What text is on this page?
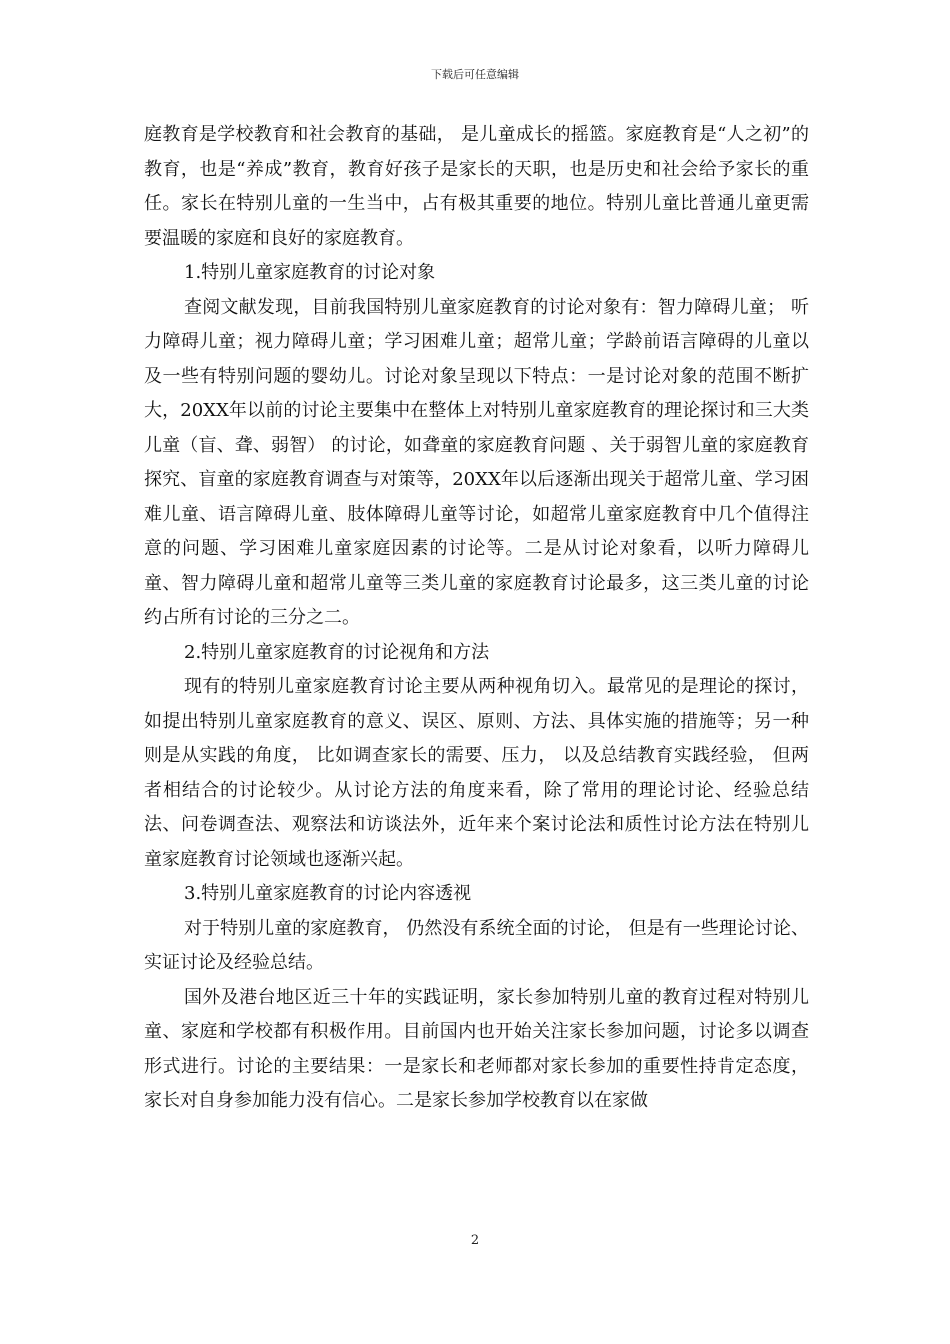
下载后可任意编辑

庭教育是学校教育和社会教育的基础， 是儿童成长的摇篮。家庭教育是“人之初”的教育，也是“养成”教育，教育好孩子是家长的天职，也是历史和社会给予家长的重任。家长在特别儿童的一生当中，占有极其重要的地位。特别儿童比普通儿童更需要温暖的家庭和良好的家庭教育。

1.特别儿童家庭教育的讨论对象

查阅文献发现，目前我国特别儿童家庭教育的讨论对象有：智力障碍儿童； 听力障碍儿童；视力障碍儿童；学习困难儿童；超常儿童；学龄前语言障碍的儿童以及一些有特别问题的婴幼儿。讨论对象呈现以下特点：一是讨论对象的范围不断扩大，20XX年以前的讨论主要集中在整体上对特别儿童家庭教育的理论探讨和三大类儿童（盲、聋、弱智） 的讨论，如聋童的家庭教育问题 、关于弱智儿童的家庭教育探究、盲童的家庭教育调查与对策等，20XX年以后逐渐出现关于超常儿童、学习困难儿童、语言障碍儿童、肢体障碍儿童等讨论，如超常儿童家庭教育中几个值得注意的问题、学习困难儿童家庭因素的讨论等。二是从讨论对象看，以听力障碍儿童、智力障碍儿童和超常儿童等三类儿童的家庭教育讨论最多，这三类儿童的讨论约占所有讨论的三分之二。

2.特别儿童家庭教育的讨论视角和方法

现有的特别儿童家庭教育讨论主要从两种视角切入。最常见的是理论的探讨，如提出特别儿童家庭教育的意义、误区、原则、方法、具体实施的措施等；另一种则是从实践的角度， 比如调查家长的需要、压力， 以及总结教育实践经验， 但两者相结合的讨论较少。从讨论方法的角度来看，除了常用的理论讨论、经验总结法、问卷调查法、观察法和访谈法外，近年来个案讨论法和质性讨论方法在特别儿童家庭教育讨论领域也逐渐兴起。

3.特别儿童家庭教育的讨论内容透视

对于特别儿童的家庭教育， 仍然没有系统全面的讨论， 但是有一些理论讨论、实证讨论及经验总结。

国外及港台地区近三十年的实践证明，家长参加特别儿童的教育过程对特别儿童、家庭和学校都有积极作用。目前国内也开始关注家长参加问题，讨论多以调查形式进行。讨论的主要结果：一是家长和老师都对家长参加的重要性持肯定态度， 家长对自身参加能力没有信心。二是家长参加学校教育以在家做

2
